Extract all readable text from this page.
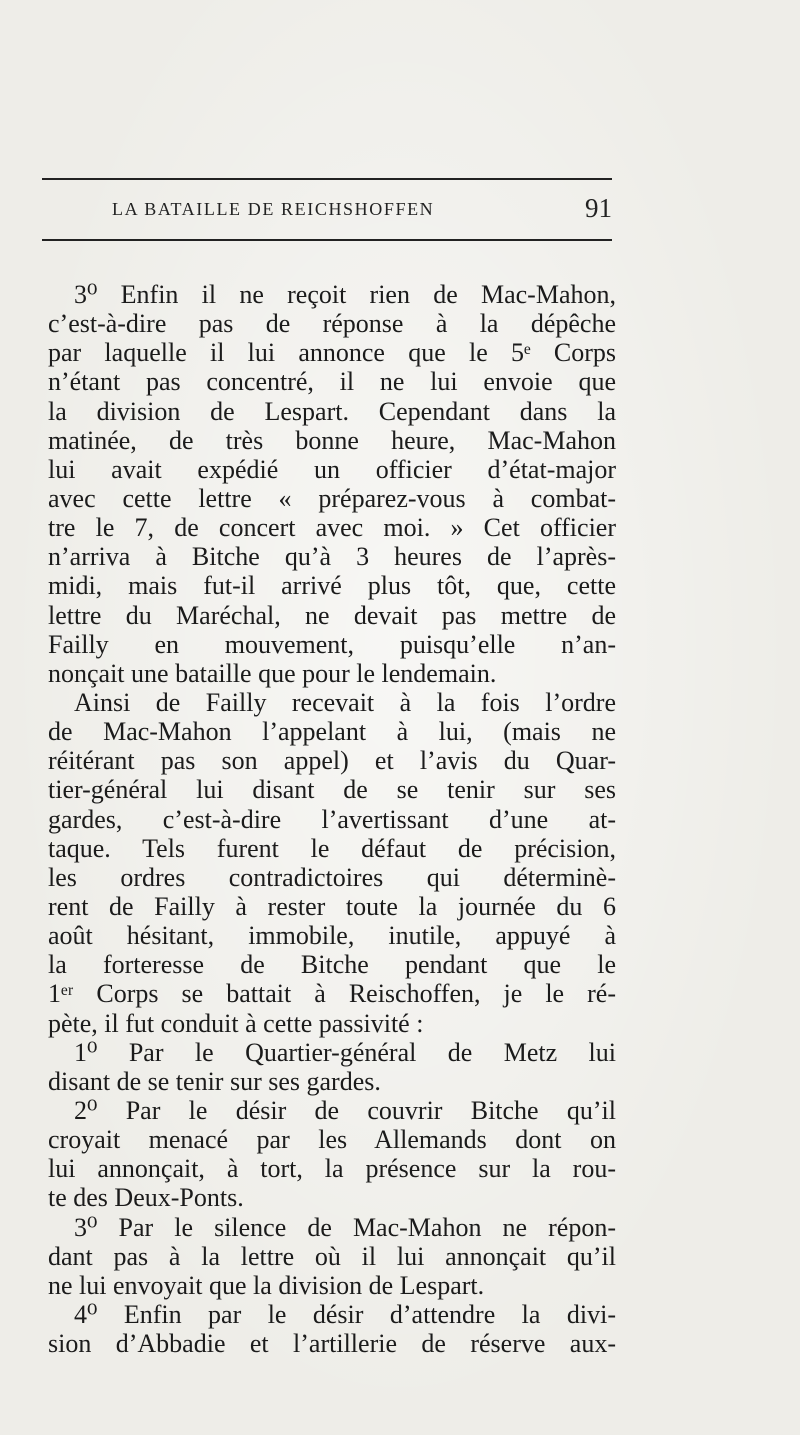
LA BATAILLE DE REICHSHOFFEN	91
3⁰ Enfin il ne reçoit rien de Mac-Mahon,
c’est-à-dire pas de réponse à la dépêche
par laquelle il lui annonce que le 5ᵉ Corps
n’étant pas concentré, il ne lui envoie que
la division de Lespart. Cependant dans la
matinée, de très bonne heure, Mac-Mahon
lui avait expédié un officier d’état-major
avec cette lettre « préparez-vous à combat-
tre le 7, de concert avec moi. » Cet officier
n’arriva à Bitche qu’à 3 heures de l’après-
midi, mais fut-il arrivé plus tôt, que, cette
lettre du Maréchal, ne devait pas mettre de
Failly en mouvement, puisqu’elle n’an-
nonçait une bataille que pour le lendemain.
Ainsi de Failly recevait à la fois l’ordre
de Mac-Mahon l’appelant à lui, (mais ne
réitérant pas son appel) et l’avis du Quar-
tier-général lui disant de se tenir sur ses
gardes, c’est-à-dire l’avertissant d’une at-
taque. Tels furent le défaut de précision,
les ordres contradictoires qui déterminè-
rent de Failly à rester toute la journée du 6
août hésitant, immobile, inutile, appuyé à
la forteresse de Bitche pendant que le
1ᵉʳ Corps se battait à Reischoffen, je le ré-
pète, il fut conduit à cette passivité :
1⁰ Par le Quartier-général de Metz lui
disant de se tenir sur ses gardes.
2⁰ Par le désir de couvrir Bitche qu’il
croyait menacé par les Allemands dont on
lui annonçait, à tort, la présence sur la rou-
te des Deux-Ponts.
3⁰ Par le silence de Mac-Mahon ne répon-
dant pas à la lettre où il lui annonçait qu’il
ne lui envoyait que la division de Lespart.
4⁰ Enfin par le désir d’attendre la divi-
sion d’Abbadie et l’artillerie de réserve aux-
